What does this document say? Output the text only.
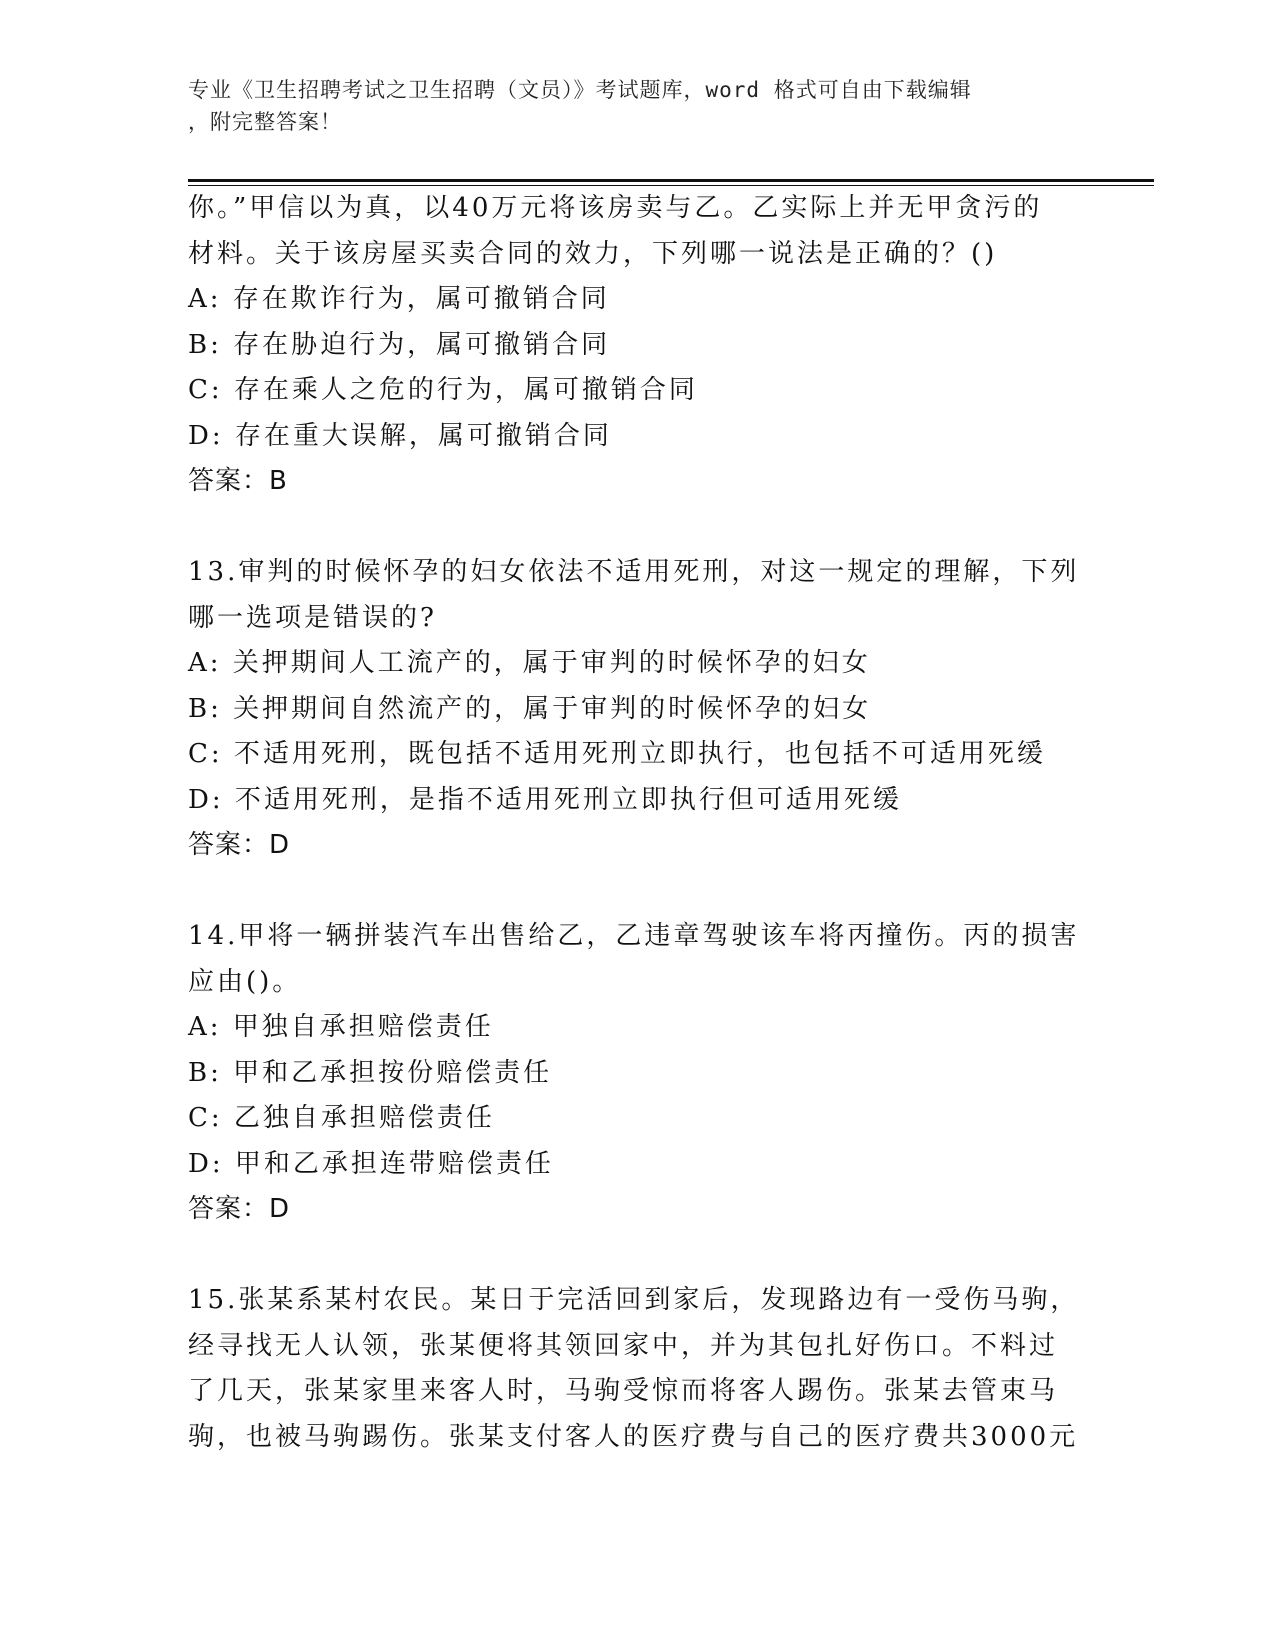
专业《卫生招聘考试之卫生招聘（文员）》考试题库，word 格式可自由下载编辑
，附完整答案！
你。”甲信以为真，以40万元将该房卖与乙。乙实际上并无甲贪污的
材料。关于该房屋买卖合同的效力，下列哪一说法是正确的？()
A: 存在欺诈行为，属可撤销合同
B: 存在胁迫行为，属可撤销合同
C: 存在乘人之危的行为，属可撤销合同
D: 存在重大误解，属可撤销合同
答案：B
13.审判的时候怀孕的妇女依法不适用死刑，对这一规定的理解，下列
哪一选项是错误的?
A: 关押期间人工流产的，属于审判的时候怀孕的妇女
B: 关押期间自然流产的，属于审判的时候怀孕的妇女
C: 不适用死刑，既包括不适用死刑立即执行，也包括不可适用死缓
D: 不适用死刑，是指不适用死刑立即执行但可适用死缓
答案：D
14.甲将一辆拼装汽车出售给乙，乙违章驾驶该车将丙撞伤。丙的损害
应由()。
A: 甲独自承担赔偿责任
B: 甲和乙承担按份赔偿责任
C: 乙独自承担赔偿责任
D: 甲和乙承担连带赔偿责任
答案：D
15.张某系某村农民。某日于完活回到家后，发现路边有一受伤马驹，
经寻找无人认领，张某便将其领回家中，并为其包扎好伤口。不料过
了几天，张某家里来客人时，马驹受惊而将客人踢伤。张某去管束马
驹，也被马驹踢伤。张某支付客人的医疗费与自己的医疗费共3000元
